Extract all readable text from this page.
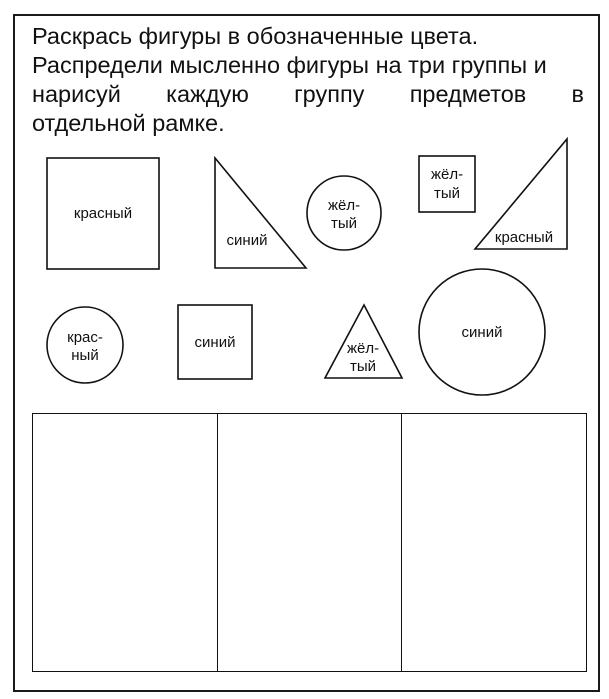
Раскрась фигуры в обозначенные цвета.

Распредели мысленно фигуры на три группы и

нарисуй каждую группу предметов в

отдельной рамке.

красный
синий
жёл-
тый
жёл-
тый
красный
крас-
ный
синий	жёл-
тый
синий
